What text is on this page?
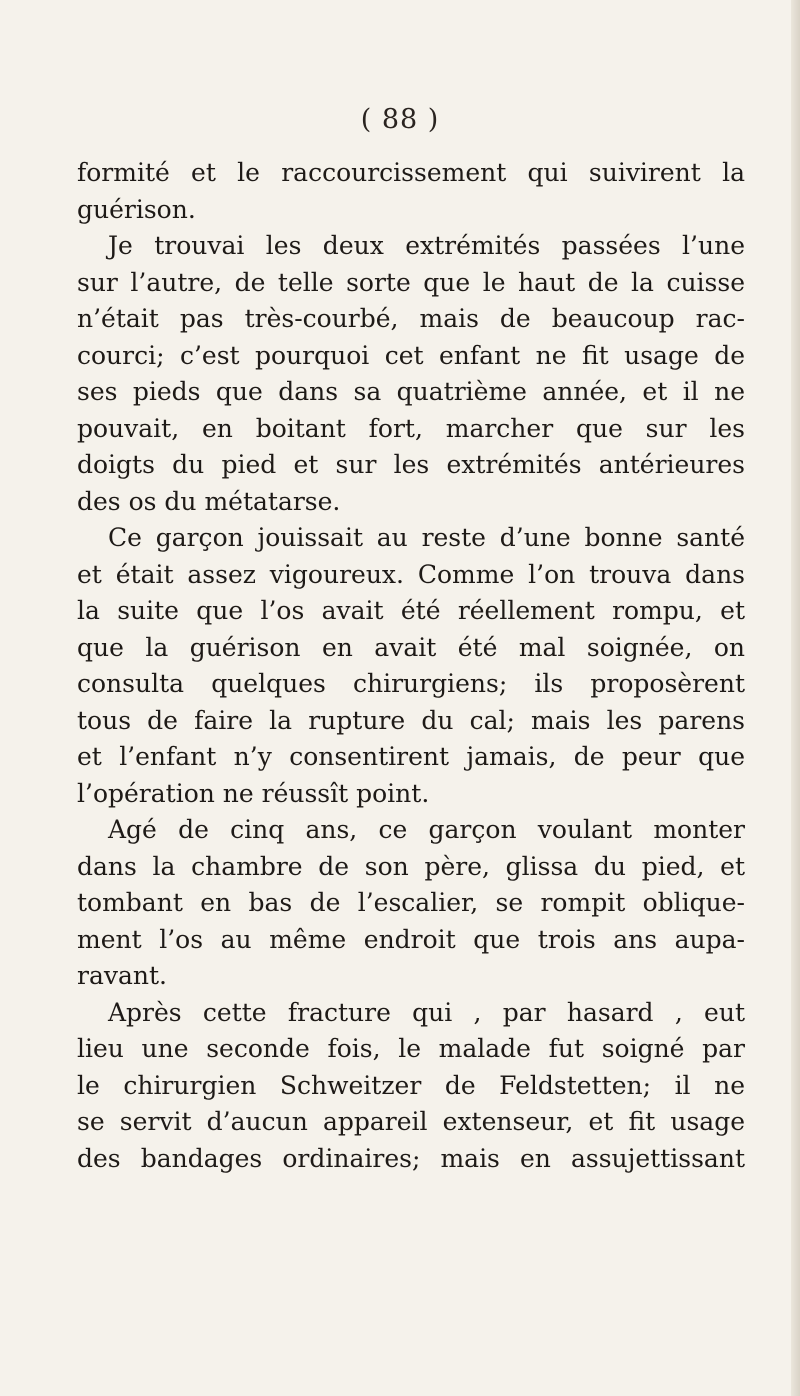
( 88 )
formité et le raccourcissement qui suivirent la
guérison.
Je trouvai les deux extrémités passées l’une
sur l’autre, de telle sorte que le haut de la cuisse
n’était pas très-courbé, mais de beaucoup rac-
courci; c’est pourquoi cet enfant ne fit usage de
ses pieds que dans sa quatrième année, et il ne
pouvait, en boitant fort, marcher que sur les
doigts du pied et sur les extrémités antérieures
des os du métatarse.
Ce garçon jouissait au reste d’une bonne santé
et était assez vigoureux. Comme l’on trouva dans
la suite que l’os avait été réellement rompu, et
que la guérison en avait été mal soignée, on
consulta quelques chirurgiens; ils proposèrent
tous de faire la rupture du cal; mais les parens
et l’enfant n’y consentirent jamais, de peur que
l’opération ne réussît point.
Agé de cinq ans, ce garçon voulant monter
dans la chambre de son père, glissa du pied, et
tombant en bas de l’escalier, se rompit oblique-
ment l’os au même endroit que trois ans aupa-
ravant.
Après cette fracture qui , par hasard , eut
lieu une seconde fois, le malade fut soigné par
le chirurgien Schweitzer de Feldstetten; il ne
se servit d’aucun appareil extenseur, et fit usage
des bandages ordinaires; mais en assujettissant
